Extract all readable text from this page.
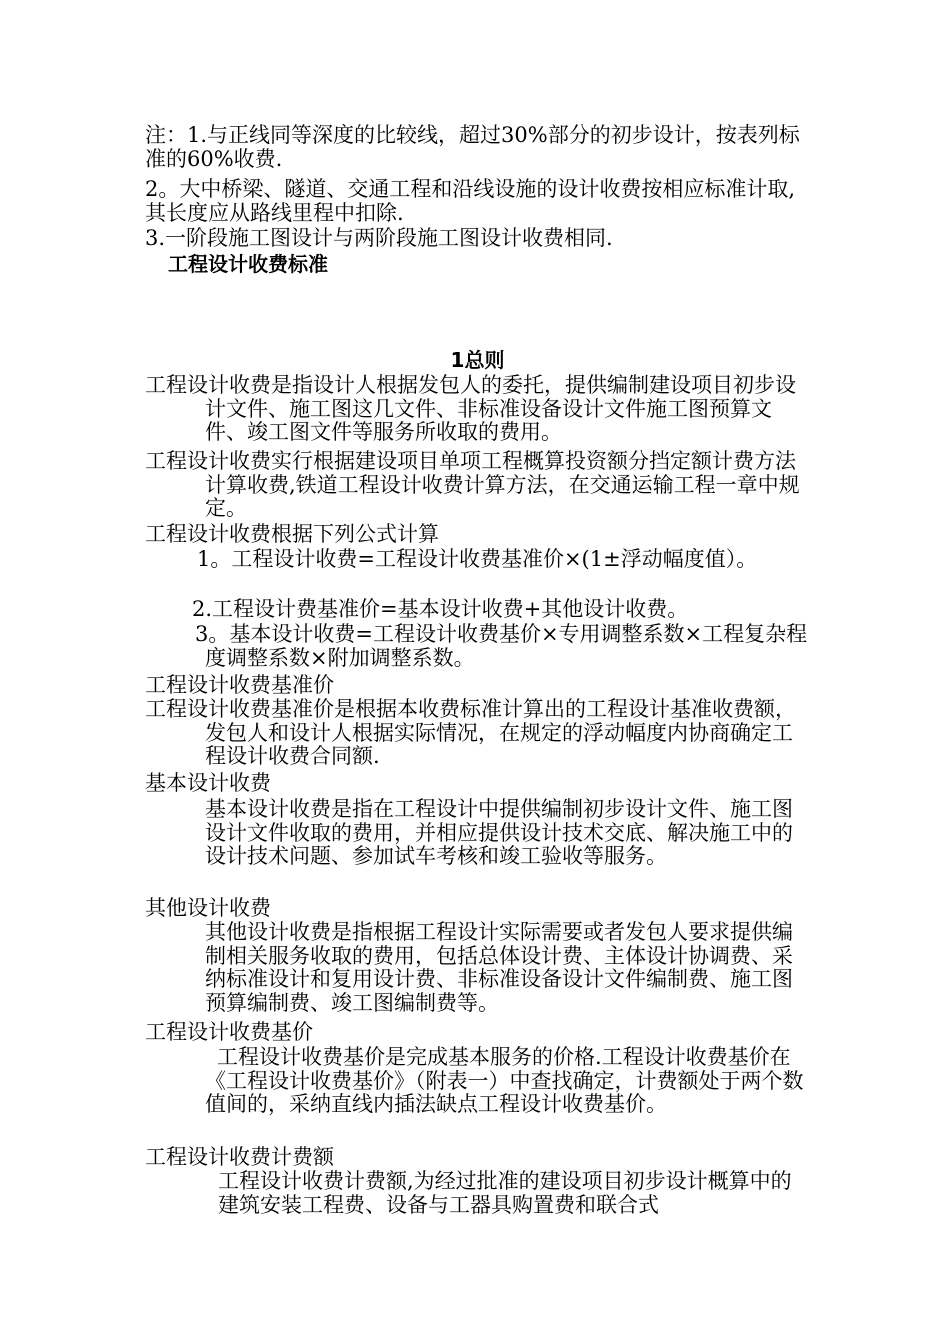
注：1.与正线同等深度的比较线，超过30%部分的初步设计，按表列标准的60%收费.

2。大中桥梁、隧道、交通工程和沿线设施的设计收费按相应标准计取,其长度应从路线里程中扣除.

3.一阶段施工图设计与两阶段施工图设计收费相同.

工程设计收费标准

1总则

工程设计收费是指设计人根据发包人的委托，提供编制建设项目初步设计文件、施工图这几文件、非标准设备设计文件施工图预算文件、竣工图文件等服务所收取的费用。

工程设计收费实行根据建设项目单项工程概算投资额分挡定额计费方法计算收费,铁道工程设计收费计算方法，在交通运输工程一章中规定。

工程设计收费根据下列公式计算

1。工程设计收费=工程设计收费基准价×(1±浮动幅度值）。

2.工程设计费基准价=基本设计收费+其他设计收费。

3。基本设计收费=工程设计收费基价×专用调整系数×工程复杂程度调整系数×附加调整系数。

工程设计收费基准价

工程设计收费基准价是根据本收费标准计算出的工程设计基准收费额，发包人和设计人根据实际情况，在规定的浮动幅度内协商确定工程设计收费合同额.

基本设计收费

基本设计收费是指在工程设计中提供编制初步设计文件、施工图设计文件收取的费用，并相应提供设计技术交底、解决施工中的设计技术问题、参加试车考核和竣工验收等服务。

其他设计收费

其他设计收费是指根据工程设计实际需要或者发包人要求提供编制相关服务收取的费用，包括总体设计费、主体设计协调费、采纳标准设计和复用设计费、非标准设备设计文件编制费、施工图预算编制费、竣工图编制费等。

工程设计收费基价

工程设计收费基价是完成基本服务的价格.工程设计收费基价在《工程设计收费基价》（附表一）中查找确定，计费额处于两个数值间的，采纳直线内插法缺点工程设计收费基价。

工程设计收费计费额

工程设计收费计费额,为经过批准的建设项目初步设计概算中的建筑安装工程费、设备与工器具购置费和联合式
